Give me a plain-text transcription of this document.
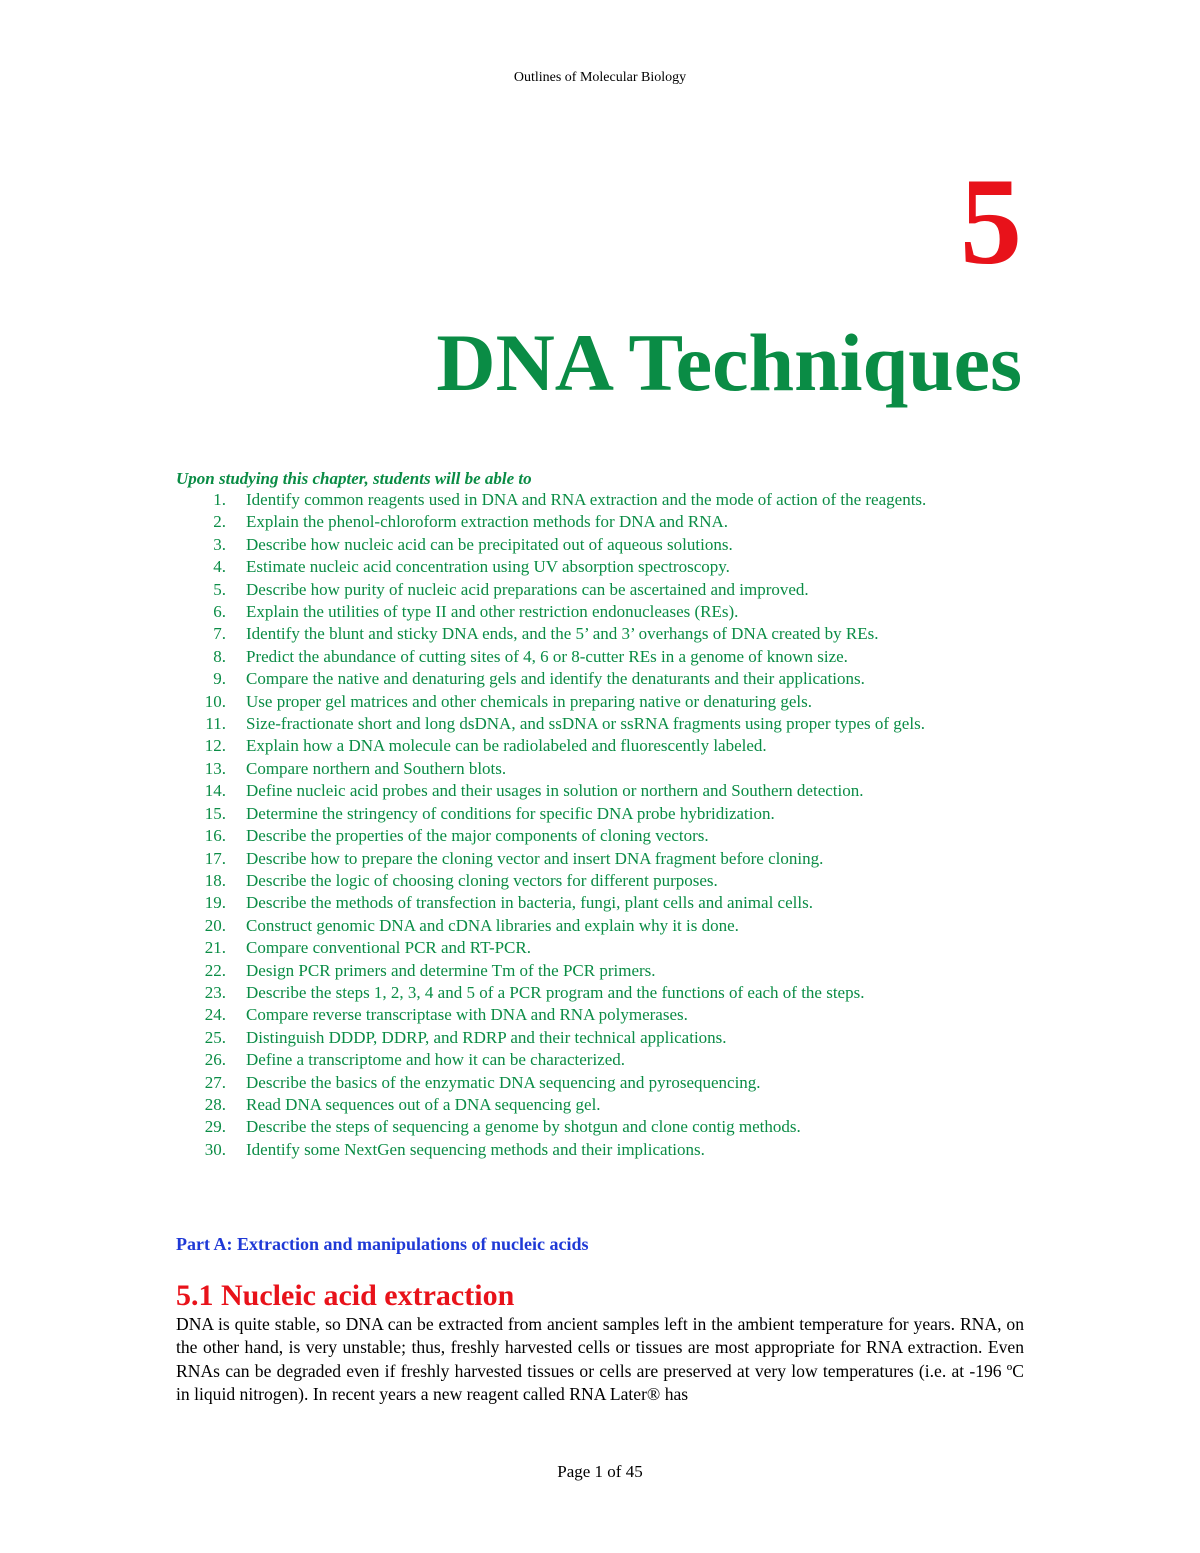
Outlines of Molecular Biology
5
DNA Techniques
Upon studying this chapter, students will be able to
1.	Identify common reagents used in DNA and RNA extraction and the mode of action of the reagents.
2.	Explain the phenol-chloroform extraction methods for DNA and RNA.
3.	Describe how nucleic acid can be precipitated out of aqueous solutions.
4.	Estimate nucleic acid concentration using UV absorption spectroscopy.
5.	Describe how purity of nucleic acid preparations can be ascertained and improved.
6.	Explain the utilities of type II and other restriction endonucleases (REs).
7.	Identify the blunt and sticky DNA ends, and the 5’ and 3’ overhangs of DNA created by REs.
8.	Predict the abundance of cutting sites of 4, 6 or 8-cutter REs in a genome of known size.
9.	Compare the native and denaturing gels and identify the denaturants and their applications.
10.	Use proper gel matrices and other chemicals in preparing native or denaturing gels.
11.	Size-fractionate short and long dsDNA, and ssDNA or ssRNA fragments using proper types of gels.
12.	Explain how a DNA molecule can be radiolabeled and fluorescently labeled.
13.	Compare northern and Southern blots.
14.	Define nucleic acid probes and their usages in solution or northern and Southern detection.
15.	Determine the stringency of conditions for specific DNA probe hybridization.
16.	Describe the properties of the major components of cloning vectors.
17.	Describe how to prepare the cloning vector and insert DNA fragment before cloning.
18.	Describe the logic of choosing cloning vectors for different purposes.
19.	Describe the methods of transfection in bacteria, fungi, plant cells and animal cells.
20.	Construct genomic DNA and cDNA libraries and explain why it is done.
21.	Compare conventional PCR and RT-PCR.
22.	Design PCR primers and determine Tm of the PCR primers.
23.	Describe the steps 1, 2, 3, 4 and 5 of a PCR program and the functions of each of the steps.
24.	Compare reverse transcriptase with DNA and RNA polymerases.
25.	Distinguish DDDP, DDRP, and RDRP and their technical applications.
26.	Define a transcriptome and how it can be characterized.
27.	Describe the basics of the enzymatic DNA sequencing and pyrosequencing.
28.	Read DNA sequences out of a DNA sequencing gel.
29.	Describe the steps of sequencing a genome by shotgun and clone contig methods.
30.	Identify some NextGen sequencing methods and their implications.
Part A: Extraction and manipulations of nucleic acids
5.1 Nucleic acid extraction
DNA is quite stable, so DNA can be extracted from ancient samples left in the ambient temperature for years. RNA, on the other hand, is very unstable; thus, freshly harvested cells or tissues are most appropriate for RNA extraction. Even RNAs can be degraded even if freshly harvested tissues or cells are preserved at very low temperatures (i.e. at -196 ºC in liquid nitrogen). In recent years a new reagent called RNA Later® has
Page 1 of 45
